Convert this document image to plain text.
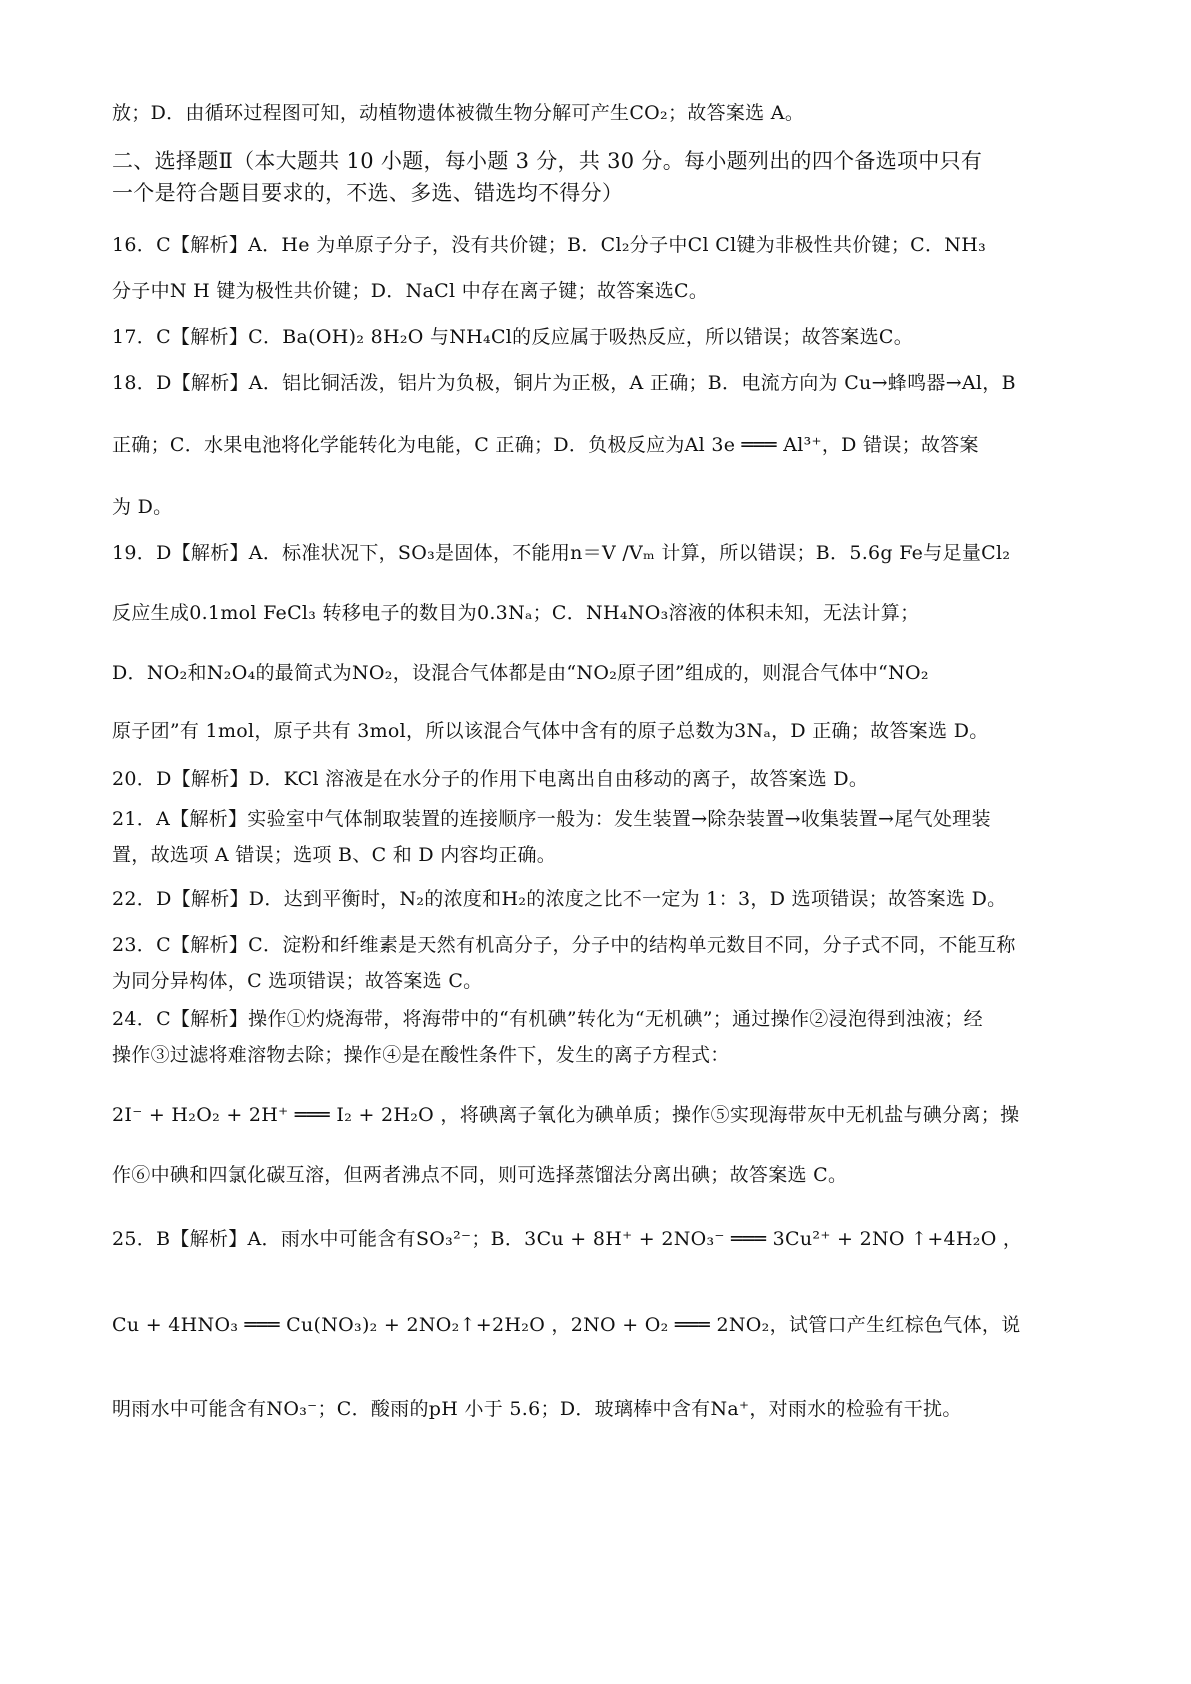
放；D．由循环过程图可知，动植物遗体被微生物分解可产生CO₂；故答案选 A。
二、选择题Ⅱ（本大题共 10 小题，每小题 3 分，共 30 分。每小题列出的四个备选项中只有
一个是符合题目要求的，不选、多选、错选均不得分）
16．C【解析】A．He 为单原子分子，没有共价键；B．Cl₂分子中Cl Cl键为非极性共价键；C．NH₃
分子中N H 键为极性共价键；D．NaCl 中存在离子键；故答案选C。
17．C【解析】C．Ba(OH)₂ 8H₂O 与NH₄Cl的反应属于吸热反应，所以错误；故答案选C。
18．D【解析】A．铝比铜活泼，铝片为负极，铜片为正极，A 正确；B．电流方向为 Cu→蜂鸣器→Al，B
正确；C．水果电池将化学能转化为电能，C 正确；D．负极反应为Al 3e ═══ Al³⁺，D 错误；故答案
为 D。
19．D【解析】A．标准状况下，SO₃是固体，不能用n＝V /Vₘ 计算，所以错误；B．5.6g Fe与足量Cl₂
反应生成0.1mol FeCl₃ 转移电子的数目为0.3Nₐ；C．NH₄NO₃溶液的体积未知，无法计算；
D．NO₂和N₂O₄的最简式为NO₂，设混合气体都是由“NO₂原子团”组成的，则混合气体中“NO₂
原子团”有 1mol，原子共有 3mol，所以该混合气体中含有的原子总数为3Nₐ，D 正确；故答案选 D。
20．D【解析】D．KCl 溶液是在水分子的作用下电离出自由移动的离子，故答案选 D。
21．A【解析】实验室中气体制取装置的连接顺序一般为：发生装置→除杂装置→收集装置→尾气处理装
置，故选项 A 错误；选项 B、C 和 D 内容均正确。
22．D【解析】D．达到平衡时，N₂的浓度和H₂的浓度之比不一定为 1：3，D 选项错误；故答案选 D。
23．C【解析】C．淀粉和纤维素是天然有机高分子，分子中的结构单元数目不同，分子式不同，不能互称
为同分异构体，C 选项错误；故答案选 C。
24．C【解析】操作①灼烧海带，将海带中的“有机碘”转化为“无机碘”；通过操作②浸泡得到浊液；经
操作③过滤将难溶物去除；操作④是在酸性条件下，发生的离子方程式：
2I⁻ + H₂O₂ + 2H⁺ ═══ I₂ + 2H₂O ，将碘离子氧化为碘单质；操作⑤实现海带灰中无机盐与碘分离；操
作⑥中碘和四氯化碳互溶，但两者沸点不同，则可选择蒸馏法分离出碘；故答案选 C。
25．B【解析】A．雨水中可能含有SO₃²⁻；B．3Cu + 8H⁺ + 2NO₃⁻ ═══ 3Cu²⁺ + 2NO ↑+4H₂O ，
Cu + 4HNO₃ ═══ Cu(NO₃)₂ + 2NO₂↑+2H₂O ，2NO + O₂ ═══ 2NO₂，试管口产生红棕色气体，说
明雨水中可能含有NO₃⁻；C．酸雨的pH 小于 5.6；D．玻璃棒中含有Na⁺，对雨水的检验有干扰。
